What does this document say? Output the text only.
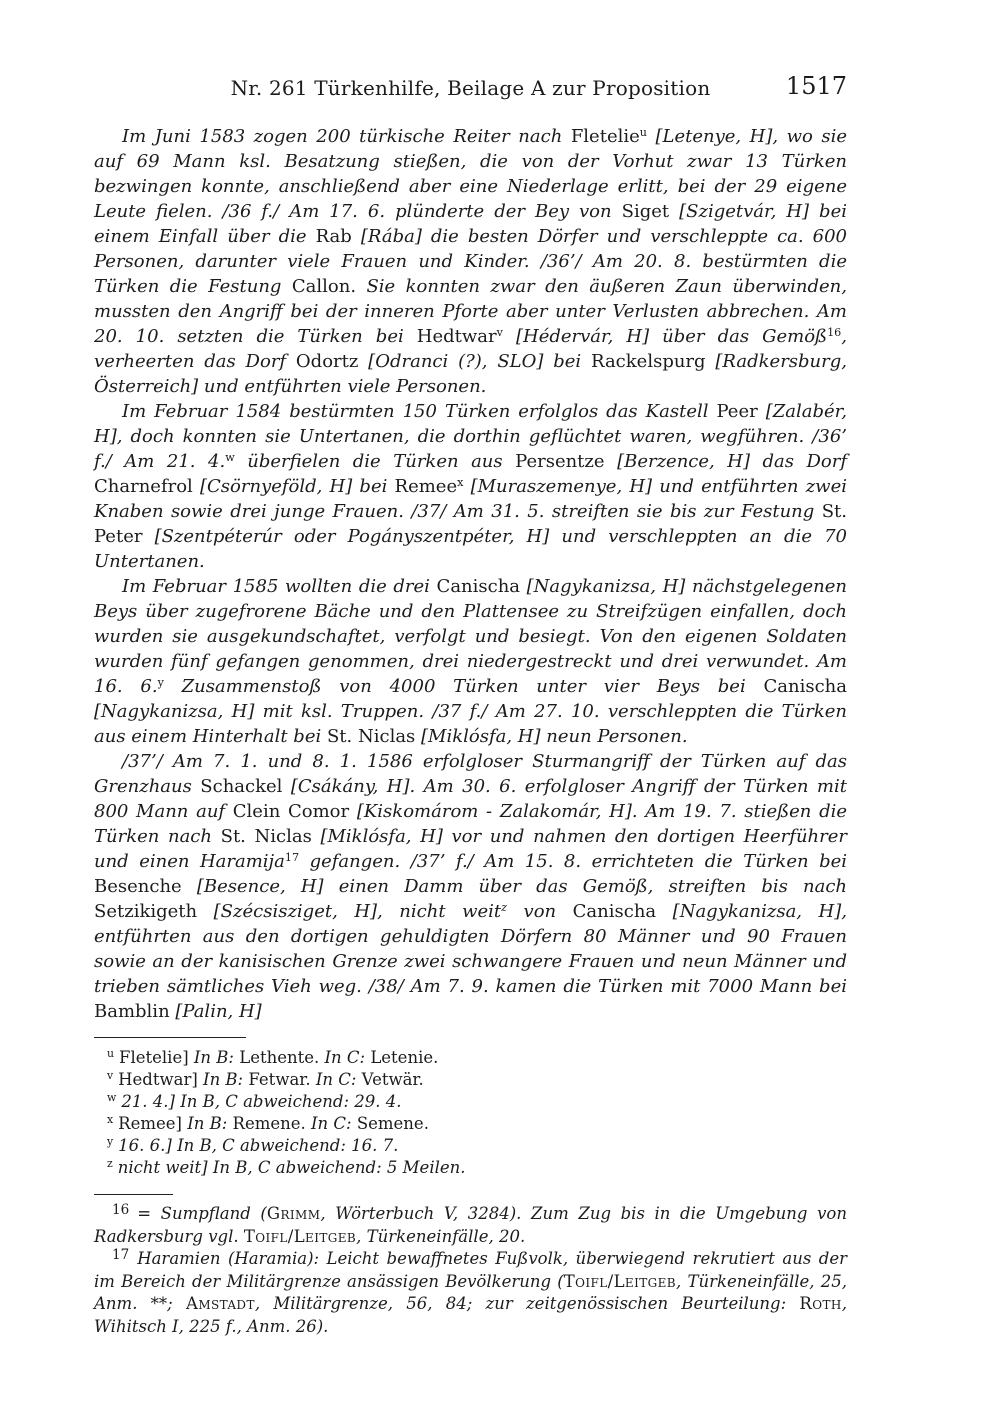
Nr. 261 Türkenhilfe, Beilage A zur Proposition	1517

Im Juni 1583 zogen 200 türkische Reiter nach Fletelie$^u$ [Letenye, H], wo sie auf 69 Mann ksl. Besatzung stießen, die von der Vorhut zwar 13 Türken bezwingen konnte, anschließend aber eine Niederlage erlitt, bei der 29 eigene Leute fielen. /36 f./ Am 17. 6. plünderte der Bey von Siget [Szigetvár, H] bei einem Einfall über die Rab [Rába] die besten Dörfer und verschleppte ca. 600 Personen, darunter viele Frauen und Kinder. /36’/ Am 20. 8. bestürmten die Türken die Festung Callon. Sie konnten zwar den äußeren Zaun überwinden, mussten den Angriff bei der inneren Pforte aber unter Verlusten abbrechen. Am 20. 10. setzten die Türken bei Hedtwar$^v$ [Hédervár, H] über das Gemöß$^{16}$, verheerten das Dorf Odortz [Odranci (?), SLO] bei Rackelspurg [Radkersburg, Österreich] und entführten viele Personen.

Im Februar 1584 bestürmten 150 Türken erfolglos das Kastell Peer [Zalabér, H], doch konnten sie Untertanen, die dorthin geflüchtet waren, wegführen. /36’ f./ Am 21. 4.$^w$ überfielen die Türken aus Persentze [Berzence, H] das Dorf Charnefrol [Csörnyeföld, H] bei Remee$^x$ [Muraszemenye, H] und entführten zwei Knaben sowie drei junge Frauen. /37/ Am 31. 5. streiften sie bis zur Festung St. Peter [Szentpéterúr oder Pogányszentpéter, H] und verschleppten an die 70 Untertanen.

Im Februar 1585 wollten die drei Canischa [Nagykanizsa, H] nächstgelegenen Beys über zugefrorene Bäche und den Plattensee zu Streifzügen einfallen, doch wurden sie ausgekundschaftet, verfolgt und besiegt. Von den eigenen Soldaten wurden fünf gefangen genommen, drei niedergestreckt und drei verwundet. Am 16. 6.$^y$ Zusammenstoß von 4000 Türken unter vier Beys bei Canischa [Nagykanizsa, H] mit ksl. Truppen. /37 f./ Am 27. 10. verschleppten die Türken aus einem Hinterhalt bei St. Niclas [Miklósfa, H] neun Personen.

/37’/ Am 7. 1. und 8. 1. 1586 erfolgloser Sturmangriff der Türken auf das Grenzhaus Schackel [Csákány, H]. Am 30. 6. erfolgloser Angriff der Türken mit 800 Mann auf Clein Comor [Kiskomárom - Zalakomár, H]. Am 19. 7. stießen die Türken nach St. Niclas [Miklósfa, H] vor und nahmen den dortigen Heerführer und einen Haramija$^{17}$ gefangen. /37’ f./ Am 15. 8. errichteten die Türken bei Besenche [Besence, H] einen Damm über das Gemöß, streiften bis nach Setzikigeth [Szécsisziget, H], nicht weit$^z$ von Canischa [Nagykanizsa, H], entführten aus den dortigen gehuldigten Dörfern 80 Männer und 90 Frauen sowie an der kanisischen Grenze zwei schwangere Frauen und neun Männer und trieben sämtliches Vieh weg. /38/ Am 7. 9. kamen die Türken mit 7000 Mann bei Bamblin [Palin, H]

$^u$ Fletelie] In B: Lethente. In C: Letenie.

$^v$ Hedtwar] In B: Fetwar. In C: Vetwär.

$^w$ 21. 4.] In B, C abweichend: 29. 4.

$^x$ Remee] In B: Remene. In C: Semene.

$^y$ 16. 6.] In B, C abweichend: 16. 7.

$^z$ nicht weit] In B, C abweichend: 5 Meilen.

$^{16}$ = Sumpfland (Grimm, Wörterbuch V, 3284). Zum Zug bis in die Umgebung von Radkersburg vgl. Toifl/Leitgeb, Türkeneinfälle, 20.

$^{17}$ Haramien (Haramia): Leicht bewaffnetes Fußvolk, überwiegend rekrutiert aus der im Bereich der Militärgrenze ansässigen Bevölkerung (Toifl/Leitgeb, Türkeneinfälle, 25, Anm. **; Amstadt, Militärgrenze, 56, 84; zur zeitgenössischen Beurteilung: Roth, Wihitsch I, 225 f., Anm. 26).
